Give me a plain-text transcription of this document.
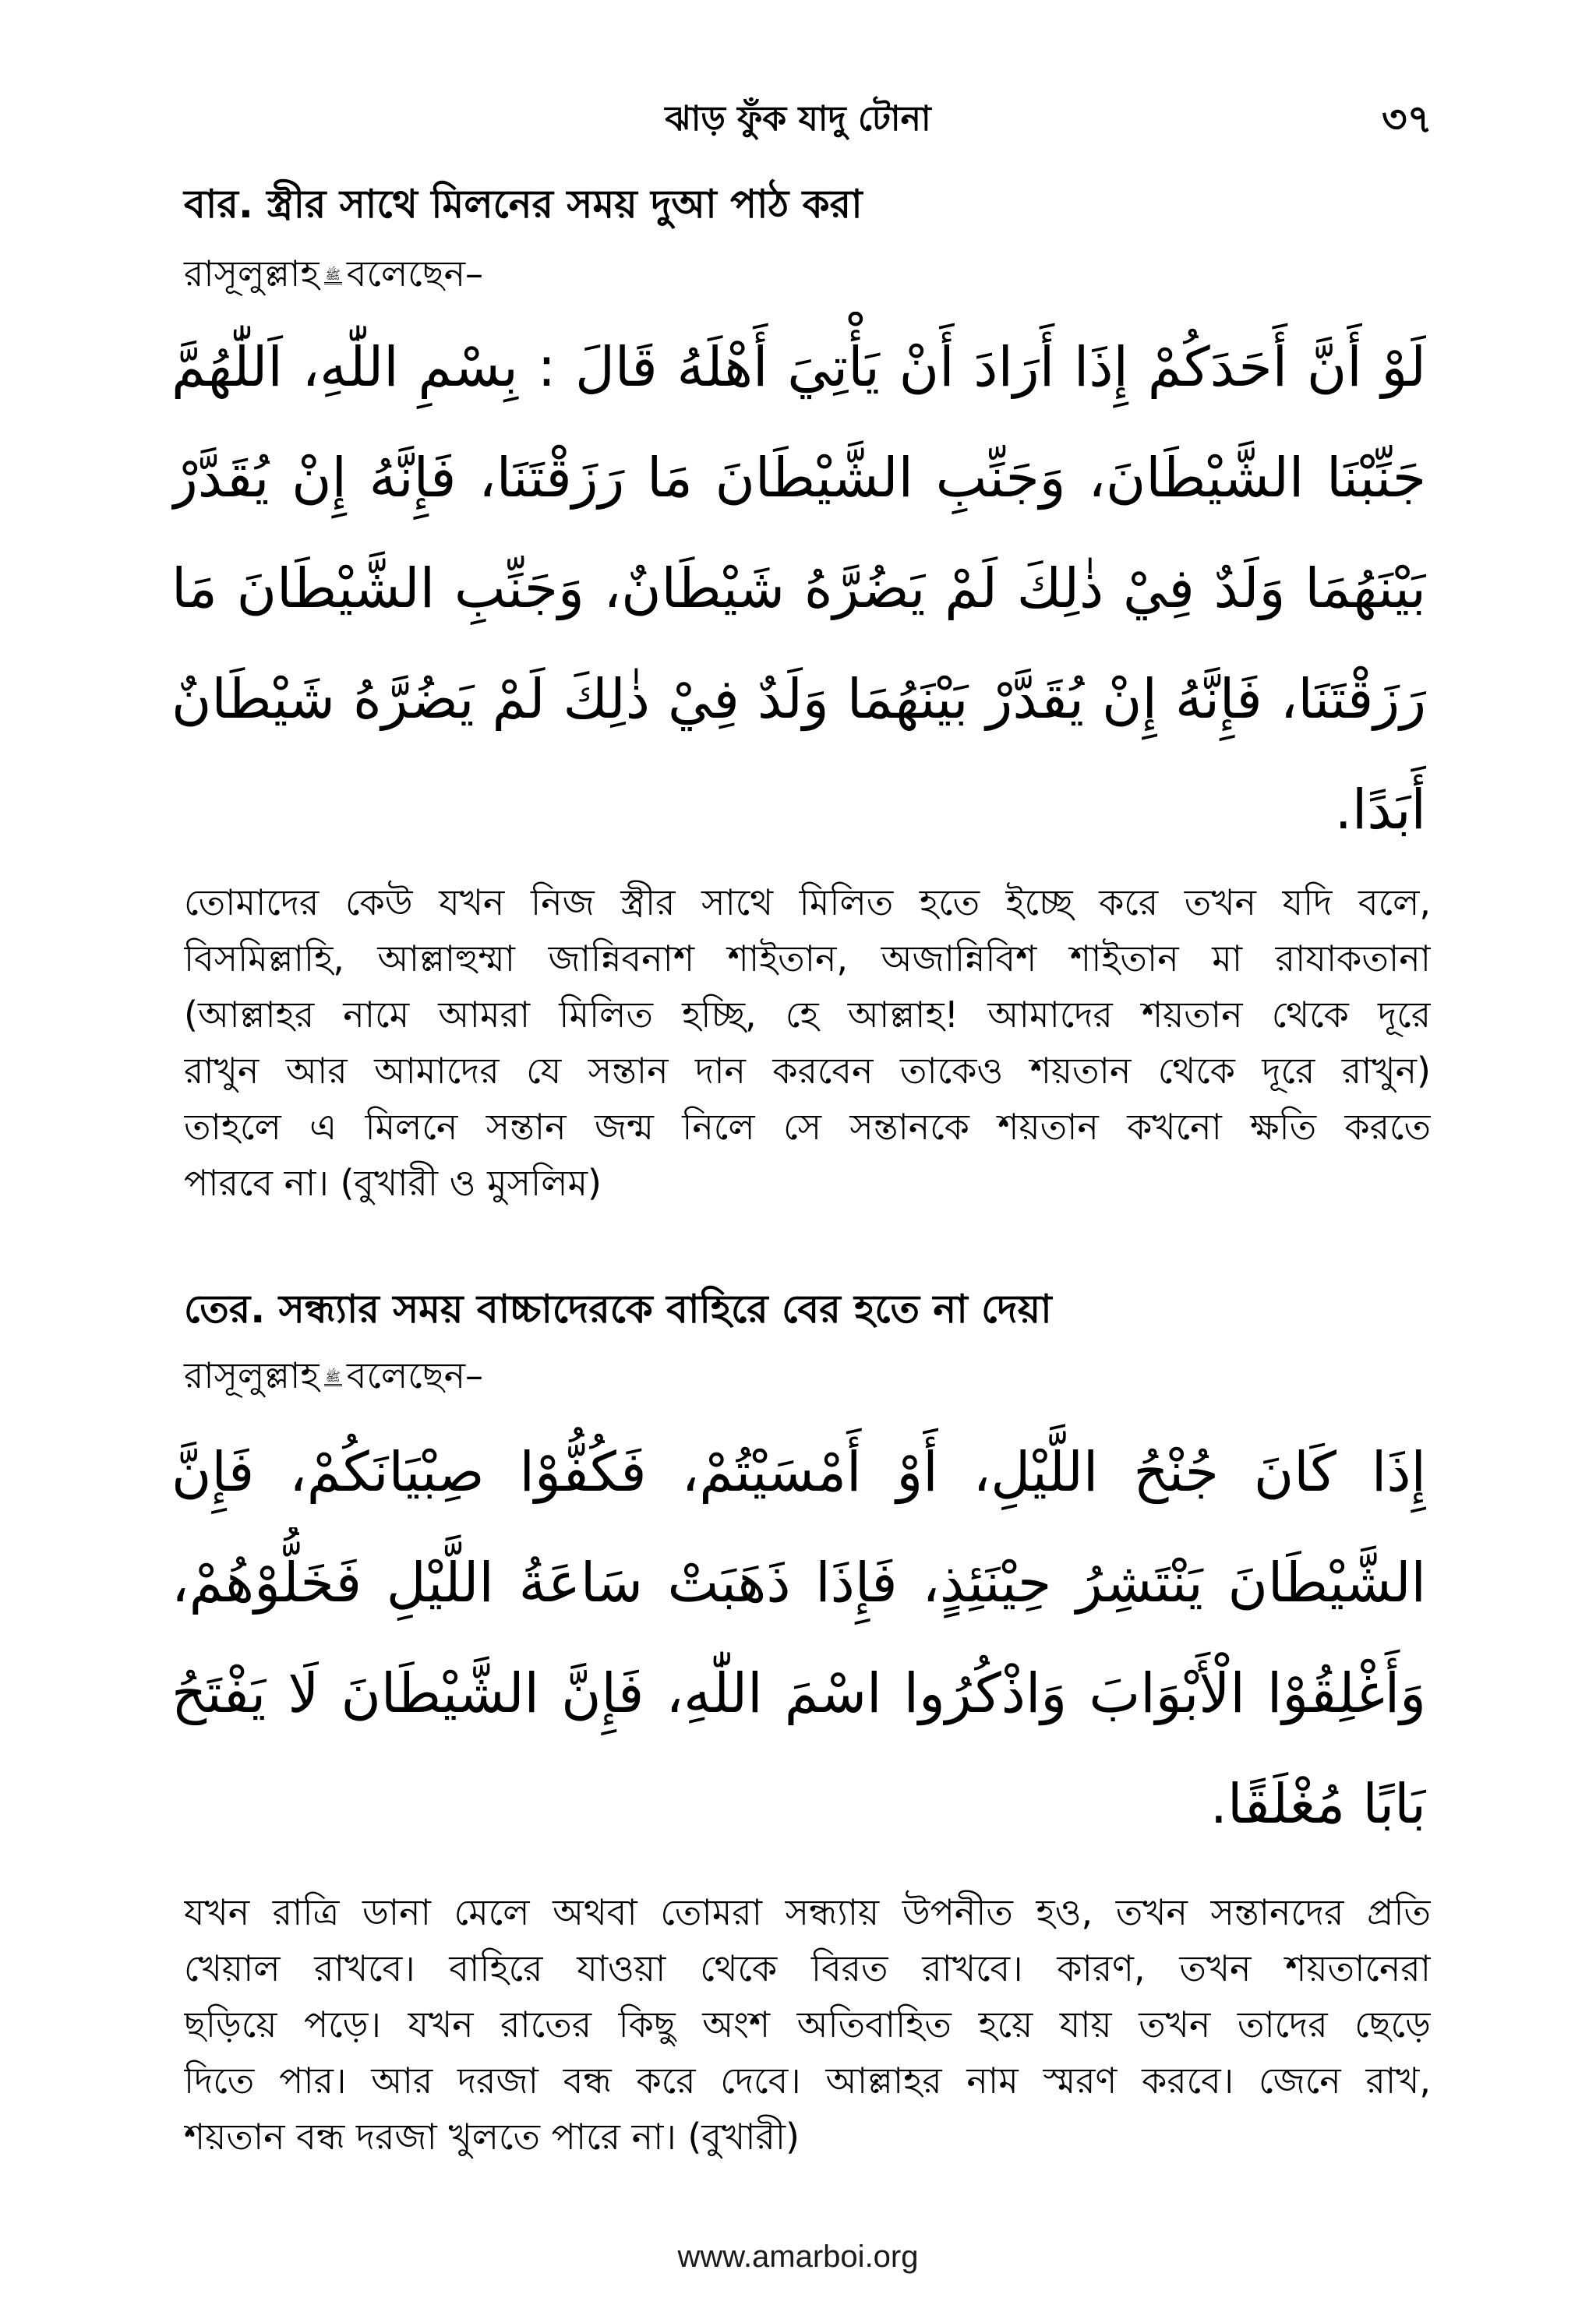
ঝাড় ফুঁক যাদু টোনা	৩৭
বার. স্ত্রীর সাথে মিলনের সময় দুআ পাঠ করা
রাসূলুল্লাহ ﷺ বলেছেন–
لَوْ أَنَّ أَحَدَكُمْ إِذَا أَرَادَ أَنْ يَأْتِيَ أَهْلَهُ قَالَ : بِسْمِ اللّٰهِ، اَللّٰهُمَّ
جَنِّبْنَا الشَّيْطَانَ، وَجَنِّبِ الشَّيْطَانَ مَا رَزَقْتَنَا، فَإِنَّهُ إِنْ يُقَدَّرْ
بَيْنَهُمَا وَلَدٌ فِيْ ذٰلِكَ لَمْ يَضُرَّهُ شَيْطَانٌ، وَجَنِّبِ الشَّيْطَانَ مَا
رَزَقْتَنَا، فَإِنَّهُ إِنْ يُقَدَّرْ بَيْنَهُمَا وَلَدٌ فِيْ ذٰلِكَ لَمْ يَضُرَّهُ شَيْطَانٌ
أَبَدًا.
তোমাদের কেউ যখন নিজ স্ত্রীর সাথে মিলিত হতে ইচ্ছে করে তখন যদি বলে,
বিসমিল্লাহি, আল্লাহুম্মা জান্নিবনাশ শাইতান, অজান্নিবিশ শাইতান মা রাযাকতানা
(আল্লাহর নামে আমরা মিলিত হচ্ছি, হে আল্লাহ! আমাদের শয়তান থেকে দূরে
রাখুন আর আমাদের যে সন্তান দান করবেন তাকেও শয়তান থেকে দূরে রাখুন)
তাহলে এ মিলনে সন্তান জন্ম নিলে সে সন্তানকে শয়তান কখনো ক্ষতি করতে
পারবে না। (বুখারী ও মুসলিম)
তের. সন্ধ্যার সময় বাচ্চাদেরকে বাহিরে বের হতে না দেয়া
রাসূলুল্লাহ ﷺ বলেছেন–
إِذَا كَانَ جُنْحُ اللَّيْلِ، أَوْ أَمْسَيْتُمْ، فَكُفُّوْا صِبْيَانَكُمْ، فَإِنَّ
الشَّيْطَانَ يَنْتَشِرُ حِيْنَئِذٍ، فَإِذَا ذَهَبَتْ سَاعَةُ اللَّيْلِ فَخَلُّوْهُمْ،
وَأَغْلِقُوْا الْأَبْوَابَ وَاذْكُرُوا اسْمَ اللّٰهِ، فَإِنَّ الشَّيْطَانَ لَا يَفْتَحُ
بَابًا مُغْلَقًا.
যখন রাত্রি ডানা মেলে অথবা তোমরা সন্ধ্যায় উপনীত হও, তখন সন্তানদের প্রতি
খেয়াল রাখবে। বাহিরে যাওয়া থেকে বিরত রাখবে। কারণ, তখন শয়তানেরা
ছড়িয়ে পড়ে। যখন রাতের কিছু অংশ অতিবাহিত হয়ে যায় তখন তাদের ছেড়ে
দিতে পার। আর দরজা বন্ধ করে দেবে। আল্লাহর নাম স্মরণ করবে। জেনে রাখ,
শয়তান বন্ধ দরজা খুলতে পারে না। (বুখারী)
www.amarboi.org
